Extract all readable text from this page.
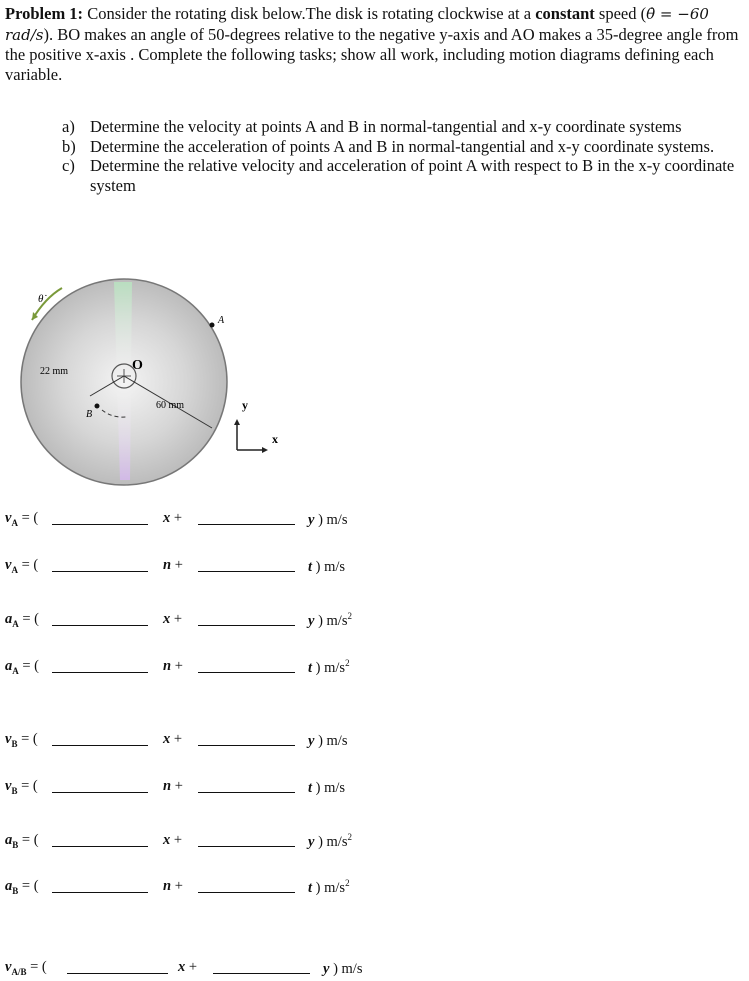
Problem 1: Consider the rotating disk below.The disk is rotating clockwise at a constant speed (θ̇ = −60 rad/s). BO makes an angle of 50-degrees relative to the negative y-axis and AO makes a 35-degree angle from the positive x-axis . Complete the following tasks; show all work, including motion diagrams defining each variable.
a) Determine the velocity at points A and B in normal-tangential and x-y coordinate systems
b) Determine the acceleration of points A and B in normal-tangential and x-y coordinate systems.
c) Determine the relative velocity and acceleration of point A with respect to B in the x-y coordinate system
θ̇
A
O
B
22 mm
60 mm	y
x
$v_A$ = (	x +	y ) m/s
$v_A$ = (	n +	t ) m/s
$a_A$ = (	x +	y ) $m/s^2$
$a_A$ = (	n +	t ) $m/s^2$
$v_B$ = (	x +	y ) m/s
$v_B$ = (	n +	t ) m/s
$a_B$ = (	x +	y ) $m/s^2$
$a_B$ = (	n +	t ) $m/s^2$
$v_{A/B}$ = (	x +	y ) m/s
